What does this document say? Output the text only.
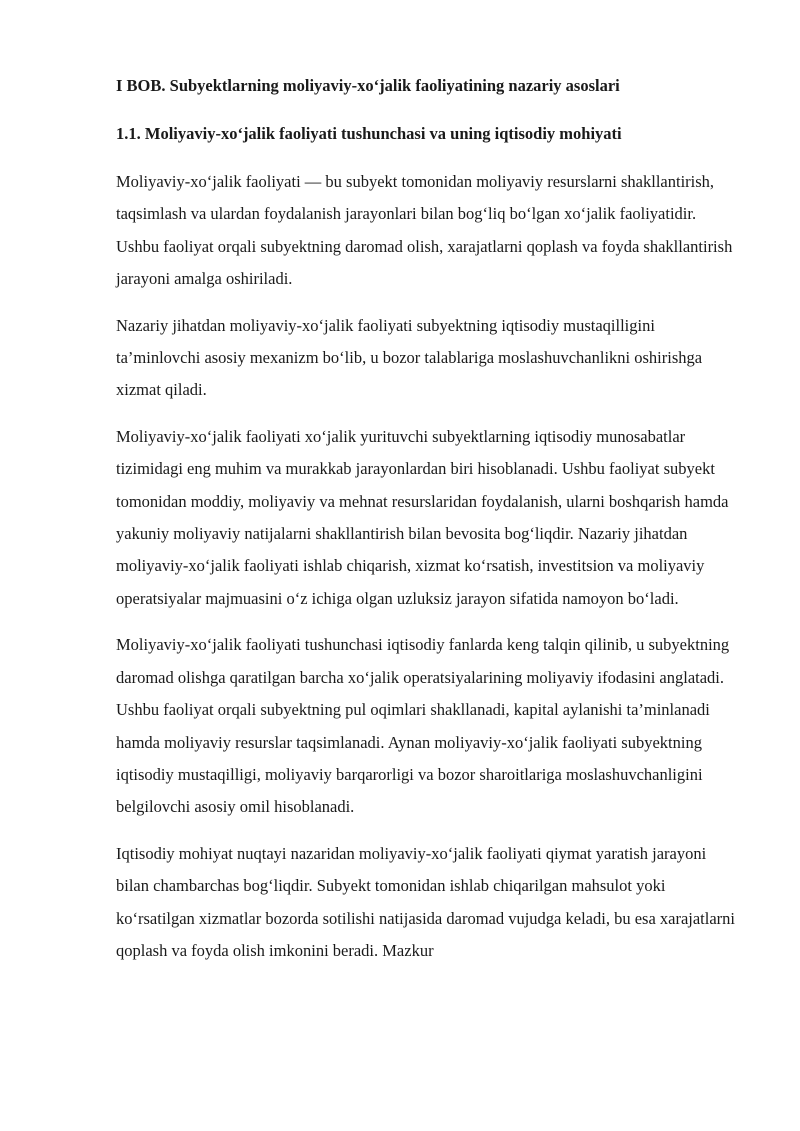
I BOB. Subyektlarning moliyaviy-xo‘jalik faoliyatining nazariy asoslari

1.1. Moliyaviy-xo‘jalik faoliyati tushunchasi va uning iqtisodiy mohiyati

Moliyaviy-xo‘jalik faoliyati — bu subyekt tomonidan moliyaviy resurslarni shakllantirish, taqsimlash va ulardan foydalanish jarayonlari bilan bog‘liq bo‘lgan xo‘jalik faoliyatidir. Ushbu faoliyat orqali subyektning daromad olish, xarajatlarni qoplash va foyda shakllantirish jarayoni amalga oshiriladi.

Nazariy jihatdan moliyaviy-xo‘jalik faoliyati subyektning iqtisodiy mustaqilligini ta’minlovchi asosiy mexanizm bo‘lib, u bozor talablariga moslashuvchanlikni oshirishga xizmat qiladi.

Moliyaviy-xo‘jalik faoliyati xo‘jalik yurituvchi subyektlarning iqtisodiy munosabatlar tizimidagi eng muhim va murakkab jarayonlardan biri hisoblanadi. Ushbu faoliyat subyekt tomonidan moddiy, moliyaviy va mehnat resurslaridan foydalanish, ularni boshqarish hamda yakuniy moliyaviy natijalarni shakllantirish bilan bevosita bog‘liqdir. Nazariy jihatdan moliyaviy-xo‘jalik faoliyati ishlab chiqarish, xizmat ko‘rsatish, investitsion va moliyaviy operatsiyalar majmuasini o‘z ichiga olgan uzluksiz jarayon sifatida namoyon bo‘ladi.

Moliyaviy-xo‘jalik faoliyati tushunchasi iqtisodiy fanlarda keng talqin qilinib, u subyektning daromad olishga qaratilgan barcha xo‘jalik operatsiyalarining moliyaviy ifodasini anglatadi. Ushbu faoliyat orqali subyektning pul oqimlari shakllanadi, kapital aylanishi ta’minlanadi hamda moliyaviy resurslar taqsimlanadi. Aynan moliyaviy-xo‘jalik faoliyati subyektning iqtisodiy mustaqilligi, moliyaviy barqarorligi va bozor sharoitlariga moslashuvchanligini belgilovchi asosiy omil hisoblanadi.

Iqtisodiy mohiyat nuqtayi nazaridan moliyaviy-xo‘jalik faoliyati qiymat yaratish jarayoni bilan chambarchas bog‘liqdir. Subyekt tomonidan ishlab chiqarilgan mahsulot yoki ko‘rsatilgan xizmatlar bozorda sotilishi natijasida daromad vujudga keladi, bu esa xarajatlarni qoplash va foyda olish imkonini beradi. Mazkur
